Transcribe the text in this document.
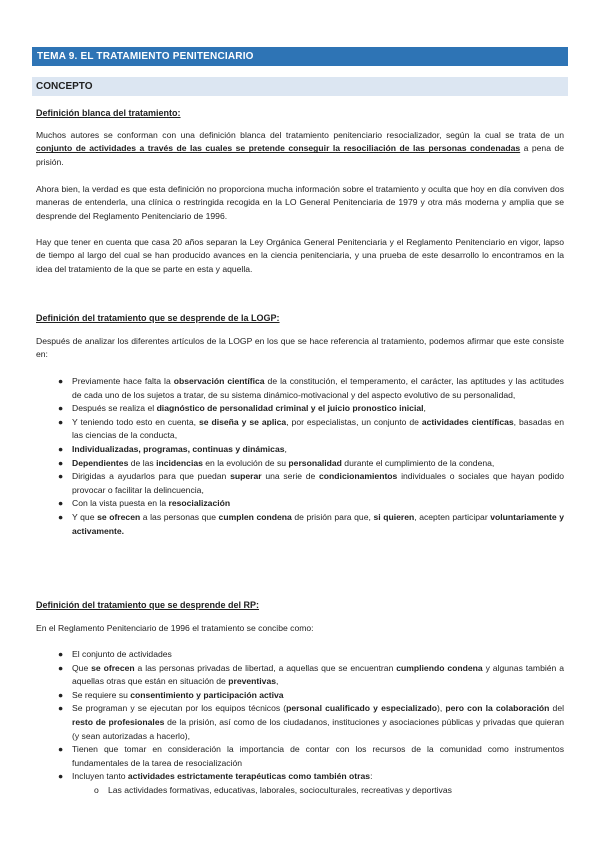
TEMA 9. EL TRATAMIENTO PENITENCIARIO
CONCEPTO
Definición blanca del tratamiento:

Muchos autores se conforman con una definición blanca del tratamiento penitenciario resocializador, según la cual se trata de un conjunto de actividades a través de las cuales se pretende conseguir la resociliación de las personas condenadas a pena de prisión.

Ahora bien, la verdad es que esta definición no proporciona mucha información sobre el tratamiento y oculta que hoy en día conviven dos maneras de entenderla, una clínica o restringida recogida en la LO General Penitenciaria de 1979 y otra más moderna y amplia que se desprende del Reglamento Penitenciario de 1996.

Hay que tener en cuenta que casa 20 años separan la Ley Orgánica General Penitenciaria y el Reglamento Penitenciario en vigor, lapso de tiempo al largo del cual se han producido avances en la ciencia penitenciaria, y una prueba de este desarrollo lo encontramos en la idea del tratamiento de la que se parte en esta y aquella.

Definición del tratamiento que se desprende de la LOGP:

Después de analizar los diferentes artículos de la LOGP en los que se hace referencia al tratamiento, podemos afirmar que este consiste en:

● Previamente hace falta la observación científica de la constitución, el temperamento, el carácter, las aptitudes y las actitudes de cada uno de los sujetos a tratar, de su sistema dinámico-motivacional y del aspecto evolutivo de su personalidad,
● Después se realiza el diagnóstico de personalidad criminal y el juicio pronostico inicial,
● Y teniendo todo esto en cuenta, se diseña y se aplica, por especialistas, un conjunto de actividades científicas, basadas en las ciencias de la conducta,
● Individualizadas, programas, continuas y dinámicas,
● Dependientes de las incidencias en la evolución de su personalidad durante el cumplimiento de la condena,
● Dirigidas a ayudarlos para que puedan superar una serie de condicionamientos individuales o sociales que hayan podido provocar o facilitar la delincuencia,
● Con la vista puesta en la resocialización
● Y que se ofrecen a las personas que cumplen condena de prisión para que, si quieren, acepten participar voluntariamente y activamente.
Definición del tratamiento que se desprende del RP:

En el Reglamento Penitenciario de 1996 el tratamiento se concibe como:

● El conjunto de actividades
● Que se ofrecen a las personas privadas de libertad, a aquellas que se encuentran cumpliendo condena y algunas también a aquellas otras que están en situación de preventivas,
● Se requiere su consentimiento y participación activa
● Se programan y se ejecutan por los equipos técnicos (personal cualificado y especializado), pero con la colaboración del resto de profesionales de la prisión, así como de los ciudadanos, instituciones y asociaciones públicas y privadas que quieran (y sean autorizadas a hacerlo),
● Tienen que tomar en consideración la importancia de contar con los recursos de la comunidad como instrumentos fundamentales de la tarea de resocialización
● Incluyen tanto actividades estrictamente terapéuticas como también otras:
o Las actividades formativas, educativas, laborales, socioculturales, recreativas y deportivas
